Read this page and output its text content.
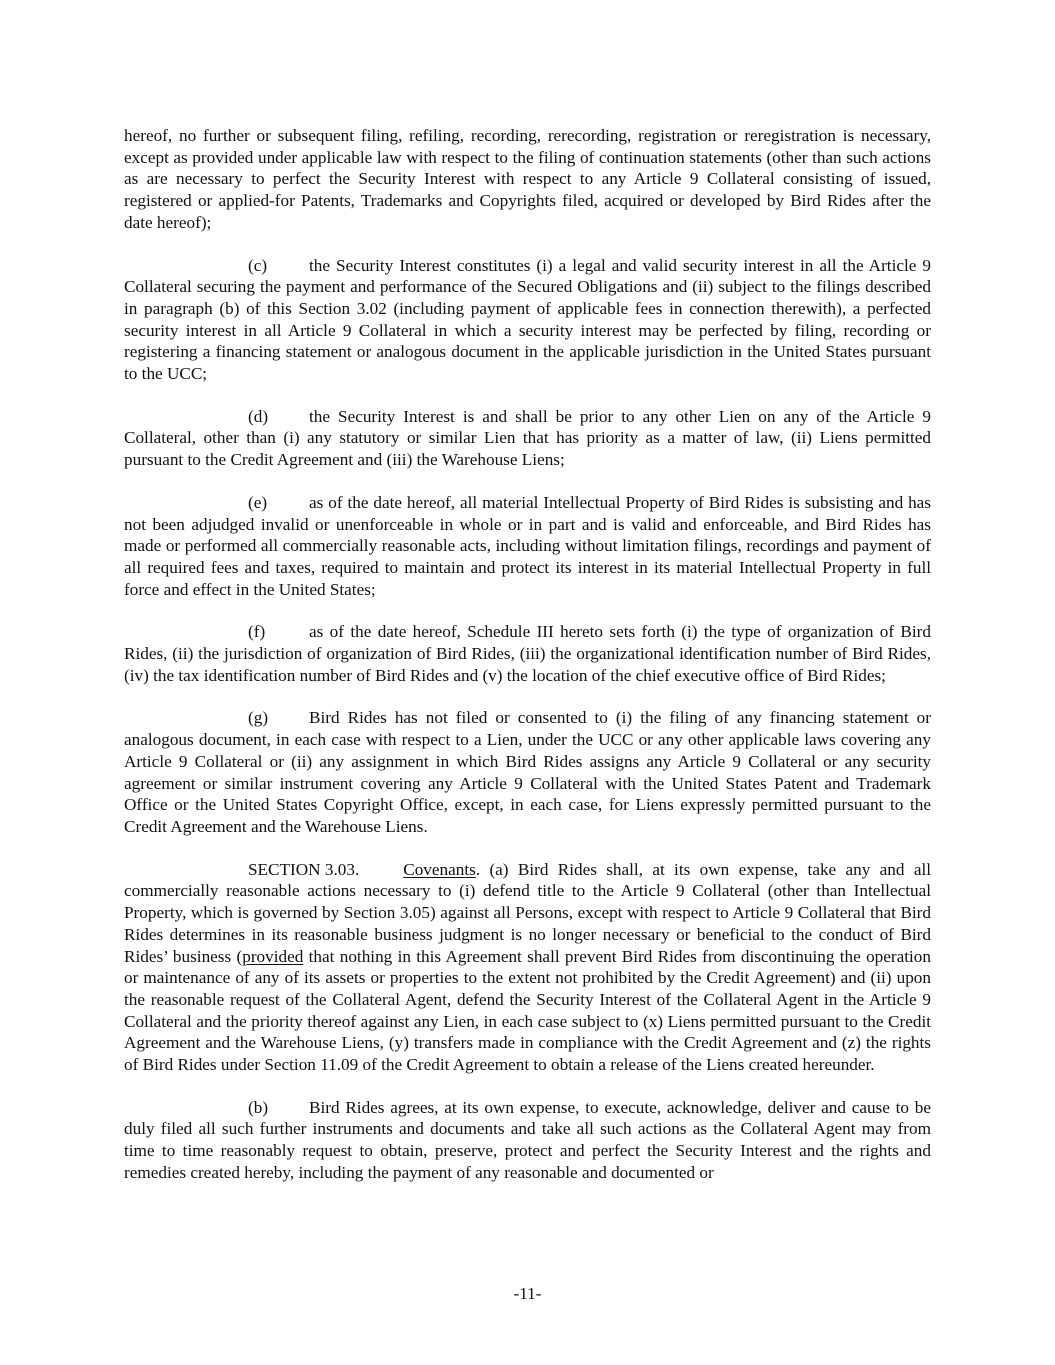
hereof, no further or subsequent filing, refiling, recording, rerecording, registration or reregistration is necessary, except as provided under applicable law with respect to the filing of continuation statements (other than such actions as are necessary to perfect the Security Interest with respect to any Article 9 Collateral consisting of issued, registered or applied-for Patents, Trademarks and Copyrights filed, acquired or developed by Bird Rides after the date hereof);

(c) the Security Interest constitutes (i) a legal and valid security interest in all the Article 9 Collateral securing the payment and performance of the Secured Obligations and (ii) subject to the filings described in paragraph (b) of this Section 3.02 (including payment of applicable fees in connection therewith), a perfected security interest in all Article 9 Collateral in which a security interest may be perfected by filing, recording or registering a financing statement or analogous document in the applicable jurisdiction in the United States pursuant to the UCC;

(d) the Security Interest is and shall be prior to any other Lien on any of the Article 9 Collateral, other than (i) any statutory or similar Lien that has priority as a matter of law, (ii) Liens permitted pursuant to the Credit Agreement and (iii) the Warehouse Liens;

(e) as of the date hereof, all material Intellectual Property of Bird Rides is subsisting and has not been adjudged invalid or unenforceable in whole or in part and is valid and enforceable, and Bird Rides has made or performed all commercially reasonable acts, including without limitation filings, recordings and payment of all required fees and taxes, required to maintain and protect its interest in its material Intellectual Property in full force and effect in the United States;

(f)	as of the date hereof, Schedule III hereto sets forth (i) the type of organization of Bird Rides, (ii) the jurisdiction of organization of Bird Rides, (iii) the organizational identification number of Bird Rides, (iv) the tax identification number of Bird Rides and (v) the location of the chief executive office of Bird Rides;

(g) Bird Rides has not filed or consented to (i) the filing of any financing statement or analogous document, in each case with respect to a Lien, under the UCC or any other applicable laws covering any Article 9 Collateral or (ii) any assignment in which Bird Rides assigns any Article 9 Collateral or any security agreement or similar instrument covering any Article 9 Collateral with the United States Patent and Trademark Office or the United States Copyright Office, except, in each case, for Liens expressly permitted pursuant to the Credit Agreement and the Warehouse Liens.

SECTION 3.03.	Covenants. (a) Bird Rides shall, at its own expense, take any and all commercially reasonable actions necessary to (i) defend title to the Article 9 Collateral (other than Intellectual Property, which is governed by Section 3.05) against all Persons, except with respect to Article 9 Collateral that Bird Rides determines in its reasonable business judgment is no longer necessary or beneficial to the conduct of Bird Rides’ business (provided that nothing in this Agreement shall prevent Bird Rides from discontinuing the operation or maintenance of any of its assets or properties to the extent not prohibited by the Credit Agreement) and (ii) upon the reasonable request of the Collateral Agent, defend the Security Interest of the Collateral Agent in the Article 9 Collateral and the priority thereof against any Lien, in each case subject to (x) Liens permitted pursuant to the Credit Agreement and the Warehouse Liens, (y) transfers made in compliance with the Credit Agreement and (z) the rights of Bird Rides under Section 11.09 of the Credit Agreement to obtain a release of the Liens created hereunder.

(b) Bird Rides agrees, at its own expense, to execute, acknowledge, deliver and cause to be duly filed all such further instruments and documents and take all such actions as the Collateral Agent may from time to time reasonably request to obtain, preserve, protect and perfect the Security Interest and the rights and remedies created hereby, including the payment of any reasonable and documented or

-11-
